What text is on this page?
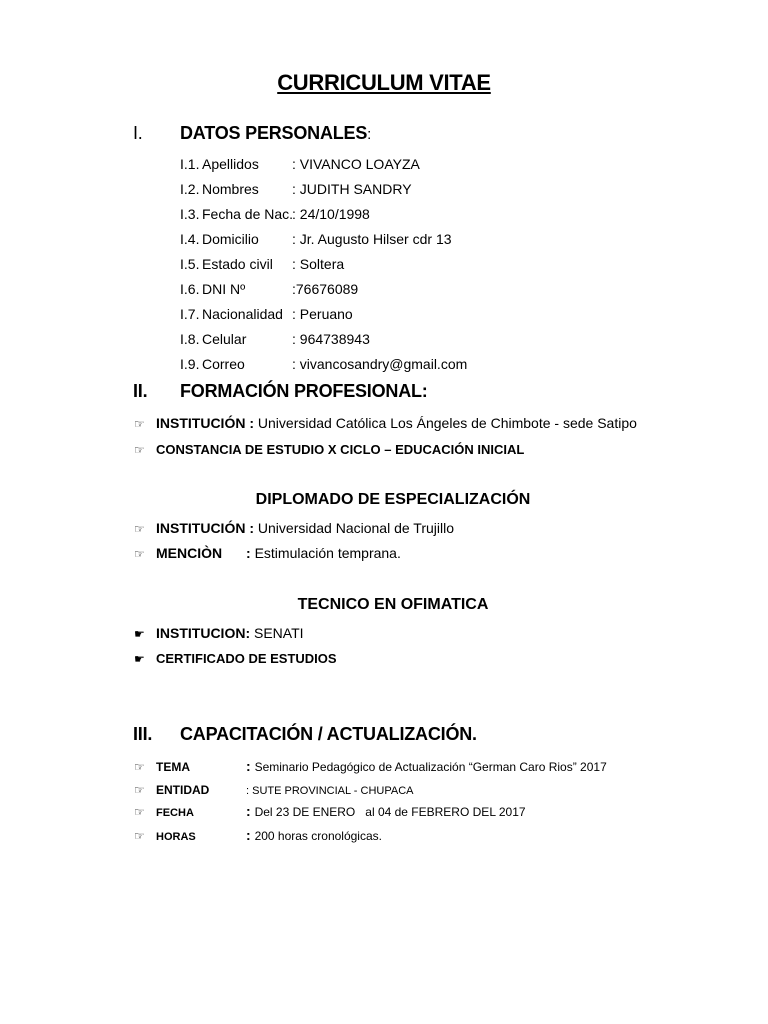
CURRICULUM VITAE
I. DATOS PERSONALES:
I.1. Apellidos : VIVANCO LOAYZA
I.2. Nombres : JUDITH SANDRY
I.3. Fecha de Nac.: 24/10/1998
I.4. Domicilio : Jr. Augusto Hilser cdr 13
I.5. Estado civil : Soltera
I.6. DNI Nº	:76676089
I.7. Nacionalidad : Peruano
I.8. Celular	: 964738943
I.9. Correo	: vivancosandry@gmail.com
II. FORMACIÓN PROFESIONAL:
☞ INSTITUCIÓN : Universidad Católica Los Ángeles de Chimbote - sede Satipo
☞ CONSTANCIA DE ESTUDIO X CICLO – EDUCACIÓN INICIAL
DIPLOMADO DE ESPECIALIZACIÓN
☞ INSTITUCIÓN : Universidad Nacional de Trujillo
☞ MENCIÒN : Estimulación temprana.
TECNICO EN OFIMATICA
☛ INSTITUCION: SENATI
☛ CERTIFICADO DE ESTUDIOS
III. CAPACITACIÓN / ACTUALIZACIÓN.
☞ TEMA	: Seminario Pedagógico de Actualización “German Caro Rios” 2017
☞ ENTIDAD	: SUTE PROVINCIAL - CHUPACA
☞ FECHA	: Del 23 DE ENERO   al 04 de FEBRERO DEL 2017
☞ HORAS	: 200 horas cronológicas.
